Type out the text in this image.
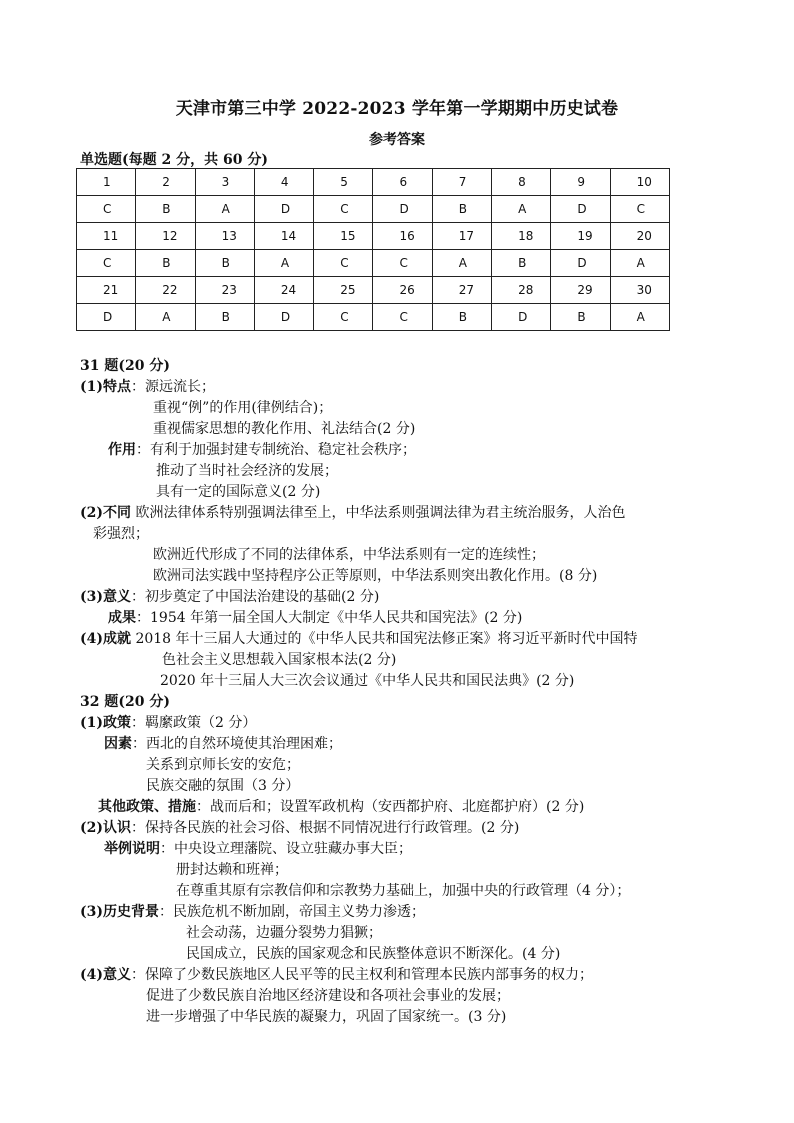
天津市第三中学 2022-2023 学年第一学期期中历史试卷
参考答案
单选题(每题 2 分，共 60 分)
1	2	3	4	5	6	7	8	9	10
C	B	A	D	C	D	B	A	D	C
11	12	13	14	15	16	17	18	19	20
C	B	B	A	C	C	A	B	D	A
21	22	23	24	25	26	27	28	29	30
D	A	B	D	C	C	B	D	B	A
31 题(20 分)
(1)特点：源远流长；
重视“例”的作用(律例结合)；
重视儒家思想的教化作用、礼法结合(2 分)
作用：有利于加强封建专制统治、稳定社会秩序；
推动了当时社会经济的发展；
具有一定的国际意义(2 分)
(2)不同 欧洲法律体系特别强调法律至上，中华法系则强调法律为君主统治服务，人治色
彩强烈；
欧洲近代形成了不同的法律体系，中华法系则有一定的连续性；
欧洲司法实践中坚持程序公正等原则，中华法系则突出教化作用。(8 分)
(3)意义：初步奠定了中国法治建设的基础(2 分)
成果：1954 年第一届全国人大制定《中华人民共和国宪法》(2 分)
(4)成就 2018 年十三届人大通过的《中华人民共和国宪法修正案》将习近平新时代中国特
色社会主义思想载入国家根本法(2 分)
2020 年十三届人大三次会议通过《中华人民共和国民法典》(2 分)
32 题(20 分)
(1)政策：羁縻政策（2 分）
因素：西北的自然环境使其治理困难；
关系到京师长安的安危；
民族交融的氛围（3 分）
其他政策、措施：战而后和；设置军政机构（安西都护府、北庭都护府）(2 分)
(2)认识：保持各民族的社会习俗、根据不同情况进行行政管理。(2 分)
举例说明：中央设立理藩院、设立驻藏办事大臣；
册封达赖和班禅；
在尊重其原有宗教信仰和宗教势力基础上，加强中央的行政管理（4 分）；
(3)历史背景：民族危机不断加剧，帝国主义势力渗透；
社会动荡，边疆分裂势力猖獗；
民国成立，民族的国家观念和民族整体意识不断深化。(4 分)
(4)意义：保障了少数民族地区人民平等的民主权利和管理本民族内部事务的权力；
促进了少数民族自治地区经济建设和各项社会事业的发展；
进一步增强了中华民族的凝聚力，巩固了国家统一。(3 分)
